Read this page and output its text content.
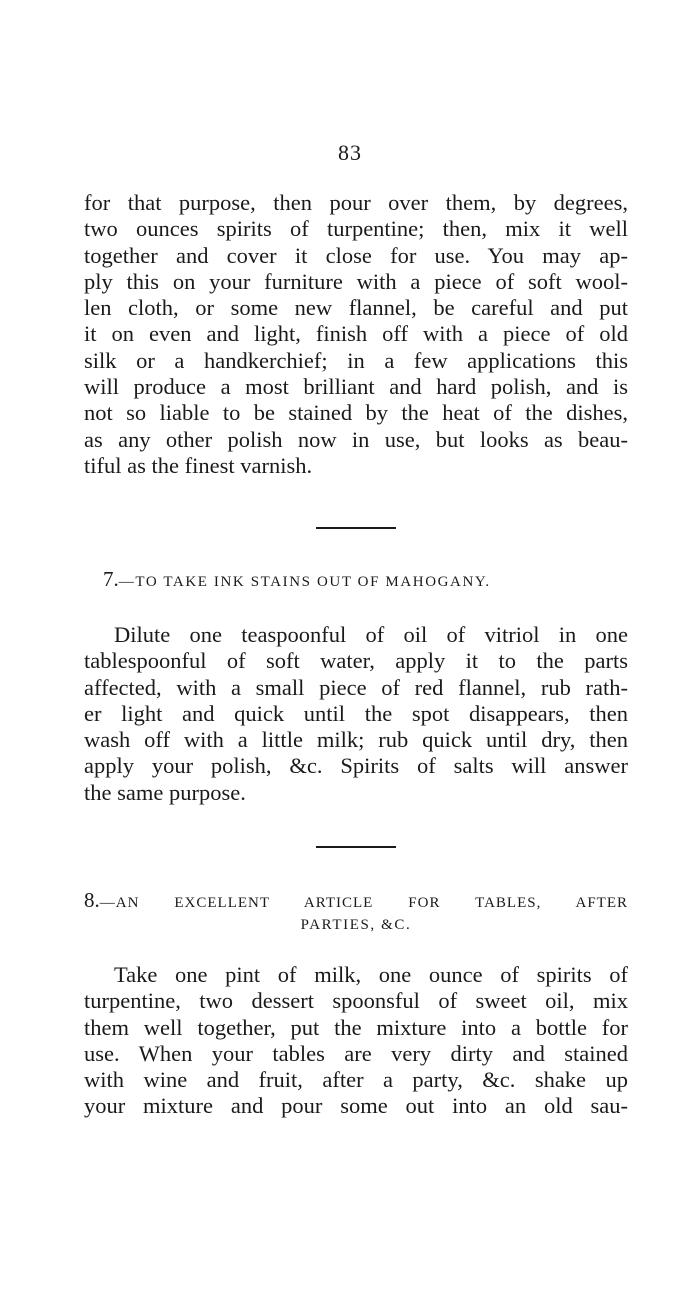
83
for that purpose, then pour over them, by degrees,
two ounces spirits of turpentine; then, mix it well
together and cover it close for use. You may ap-
ply this on your furniture with a piece of soft wool-
len cloth, or some new flannel, be careful and put
it on even and light, finish off with a piece of old
silk or a handkerchief; in a few applications this
will produce a most brilliant and hard polish, and is
not so liable to be stained by the heat of the dishes,
as any other polish now in use, but looks as beau-
tiful as the finest varnish.
7.—TO TAKE INK STAINS OUT OF MAHOGANY.
Dilute one teaspoonful of oil of vitriol in one
tablespoonful of soft water, apply it to the parts
affected, with a small piece of red flannel, rub rath-
er light and quick until the spot disappears, then
wash off with a little milk; rub quick until dry, then
apply your polish, &c. Spirits of salts will answer
the same purpose.
8.—AN EXCELLENT ARTICLE FOR TABLES, AFTER
PARTIES, &C.
Take one pint of milk, one ounce of spirits of
turpentine, two dessert spoonsful of sweet oil, mix
them well together, put the mixture into a bottle for
use. When your tables are very dirty and stained
with wine and fruit, after a party, &c. shake up
your mixture and pour some out into an old sau-
